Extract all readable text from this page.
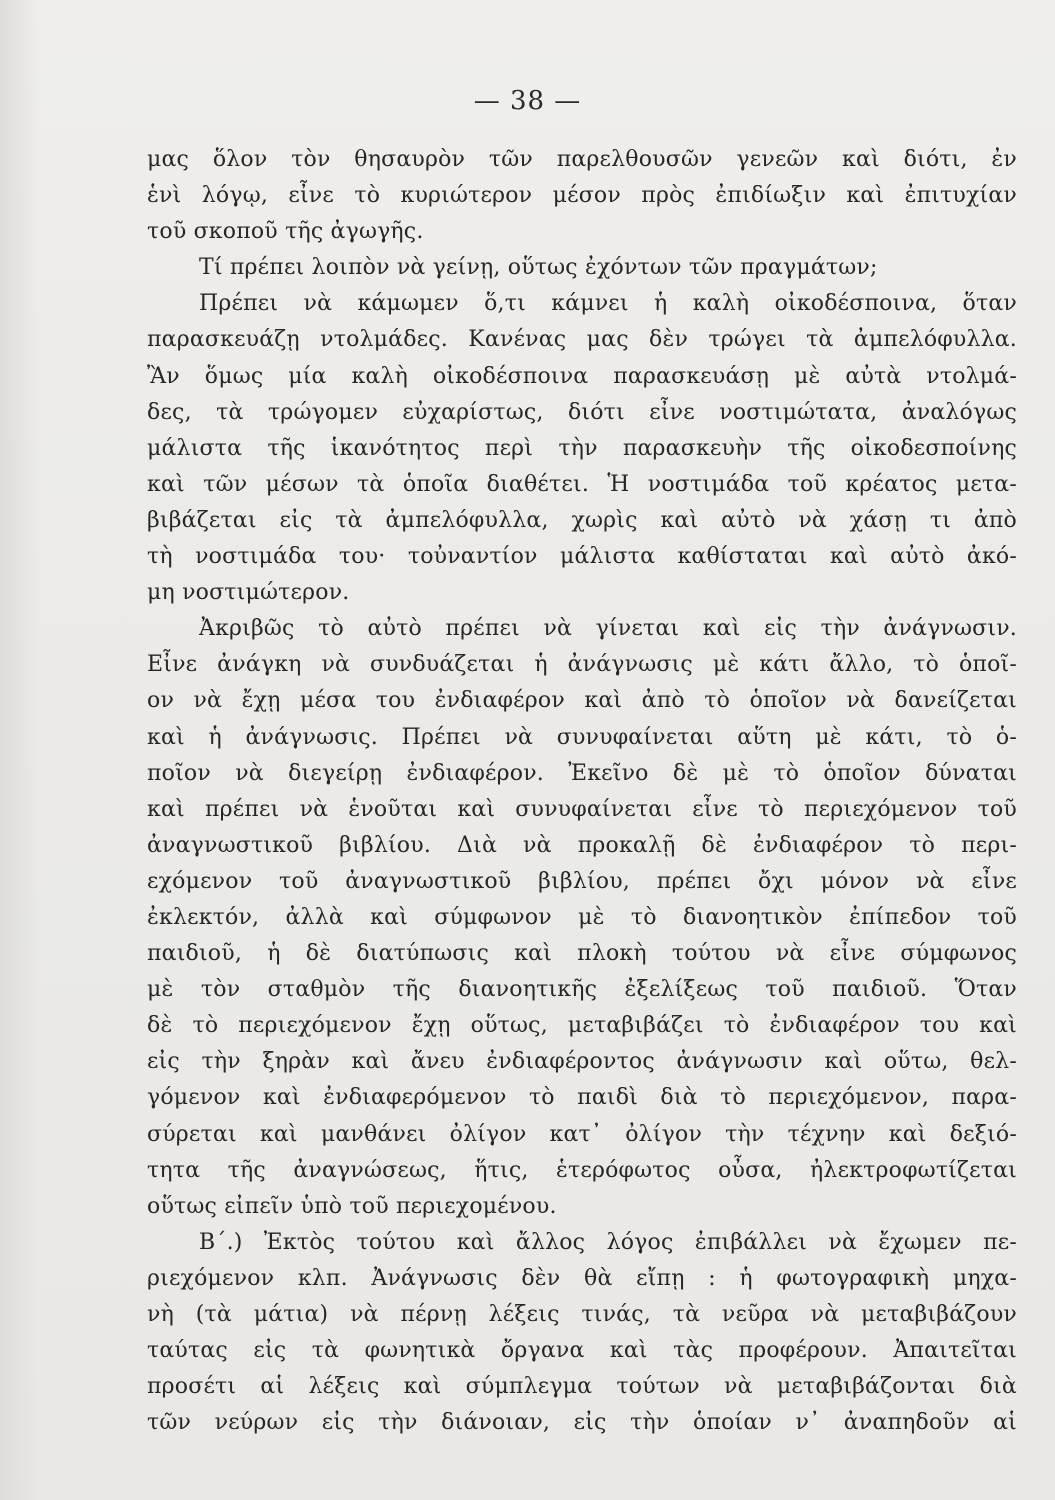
— 38 —
μας ὅλον τὸν θησαυρὸν τῶν παρελθουσῶν γενεῶν καὶ διότι, ἐν
ἑνὶ λόγῳ, εἶνε τὸ κυριώτερον μέσον πρὸς ἐπιδίωξιν καὶ ἐπιτυχίαν
τοῦ σκοποῦ τῆς ἀγωγῆς.
Τί πρέπει λοιπὸν νὰ γείνῃ, οὕτως ἐχόντων τῶν πραγμάτων;
Πρέπει νὰ κάμωμεν ὅ,τι κάμνει ἡ καλὴ οἰκοδέσποινα, ὅταν
παρασκευάζῃ ντολμάδες. Κανένας μας δὲν τρώγει τὰ ἀμπελόφυλλα.
Ἂν ὅμως μία καλὴ οἰκοδέσποινα παρασκευάσῃ μὲ αὐτὰ ντολμά-
δες, τὰ τρώγομεν εὐχαρίστως, διότι εἶνε νοστιμώτατα, ἀναλόγως
μάλιστα τῆς ἱκανότητος περὶ τὴν παρασκευὴν τῆς οἰκοδεσποίνης
καὶ τῶν μέσων τὰ ὁποῖα διαθέτει. Ἡ νοστιμάδα τοῦ κρέατος μετα-
βιβάζεται εἰς τὰ ἀμπελόφυλλα, χωρὶς καὶ αὐτὸ νὰ χάσῃ τι ἀπὸ
τὴ νοστιμάδα του· τοὐναντίον μάλιστα καθίσταται καὶ αὐτὸ ἀκό-
μη νοστιμώτερον.
Ἀκριβῶς τὸ αὐτὸ πρέπει νὰ γίνεται καὶ εἰς τὴν ἀνάγνωσιν.
Εἶνε ἀνάγκη νὰ συνδυάζεται ἡ ἀνάγνωσις μὲ κάτι ἄλλο, τὸ ὁποῖ-
ον νὰ ἔχῃ μέσα του ἐνδιαφέρον καὶ ἀπὸ τὸ ὁποῖον νὰ δανείζεται
καὶ ἡ ἀνάγνωσις. Πρέπει νὰ συνυφαίνεται αὕτη μὲ κάτι, τὸ ὁ-
ποῖον νὰ διεγείρῃ ἐνδιαφέρον. Ἐκεῖνο δὲ μὲ τὸ ὁποῖον δύναται
καὶ πρέπει νὰ ἑνοῦται καὶ συνυφαίνεται εἶνε τὸ περιεχόμενον τοῦ
ἀναγνωστικοῦ βιβλίου. Διὰ νὰ προκαλῇ δὲ ἐνδιαφέρον τὸ περι-
εχόμενον τοῦ ἀναγνωστικοῦ βιβλίου, πρέπει ὄχι μόνον νὰ εἶνε
ἐκλεκτόν, ἀλλὰ καὶ σύμφωνον μὲ τὸ διανοητικὸν ἐπίπεδον τοῦ
παιδιοῦ, ἡ δὲ διατύπωσις καὶ πλοκὴ τούτου νὰ εἶνε σύμφωνος
μὲ τὸν σταθμὸν τῆς διανοητικῆς ἐξελίξεως τοῦ παιδιοῦ. Ὅταν
δὲ τὸ περιεχόμενον ἔχῃ οὕτως, μεταβιβάζει τὸ ἐνδιαφέρον του καὶ
εἰς τὴν ξηρὰν καὶ ἄνευ ἐνδιαφέροντος ἀνάγνωσιν καὶ οὕτω, θελ-
γόμενον καὶ ἐνδιαφερόμενον τὸ παιδὶ διὰ τὸ περιεχόμενον, παρα-
σύρεται καὶ μανθάνει ὀλίγον κατ᾽ ὀλίγον τὴν τέχνην καὶ δεξιό-
τητα τῆς ἀναγνώσεως, ἥτις, ἑτερόφωτος οὖσα, ἠλεκτροφωτίζεται
οὕτως εἰπεῖν ὑπὸ τοῦ περιεχομένου.
Β΄.) Ἐκτὸς τούτου καὶ ἄλλος λόγος ἐπιβάλλει νὰ ἔχωμεν πε-
ριεχόμενον κλπ. Ἀνάγνωσις δὲν θὰ εἴπῃ : ἡ φωτογραφικὴ μηχα-
νὴ (τὰ μάτια) νὰ πέρνῃ λέξεις τινάς, τὰ νεῦρα νὰ μεταβιβάζουν
ταύτας εἰς τὰ φωνητικὰ ὄργανα καὶ τὰς προφέρουν. Ἀπαιτεῖται
προσέτι αἱ λέξεις καὶ σύμπλεγμα τούτων νὰ μεταβιβάζονται διὰ
τῶν νεύρων εἰς τὴν διάνοιαν, εἰς τὴν ὁποίαν ν᾽ ἀναπηδοῦν αἱ
